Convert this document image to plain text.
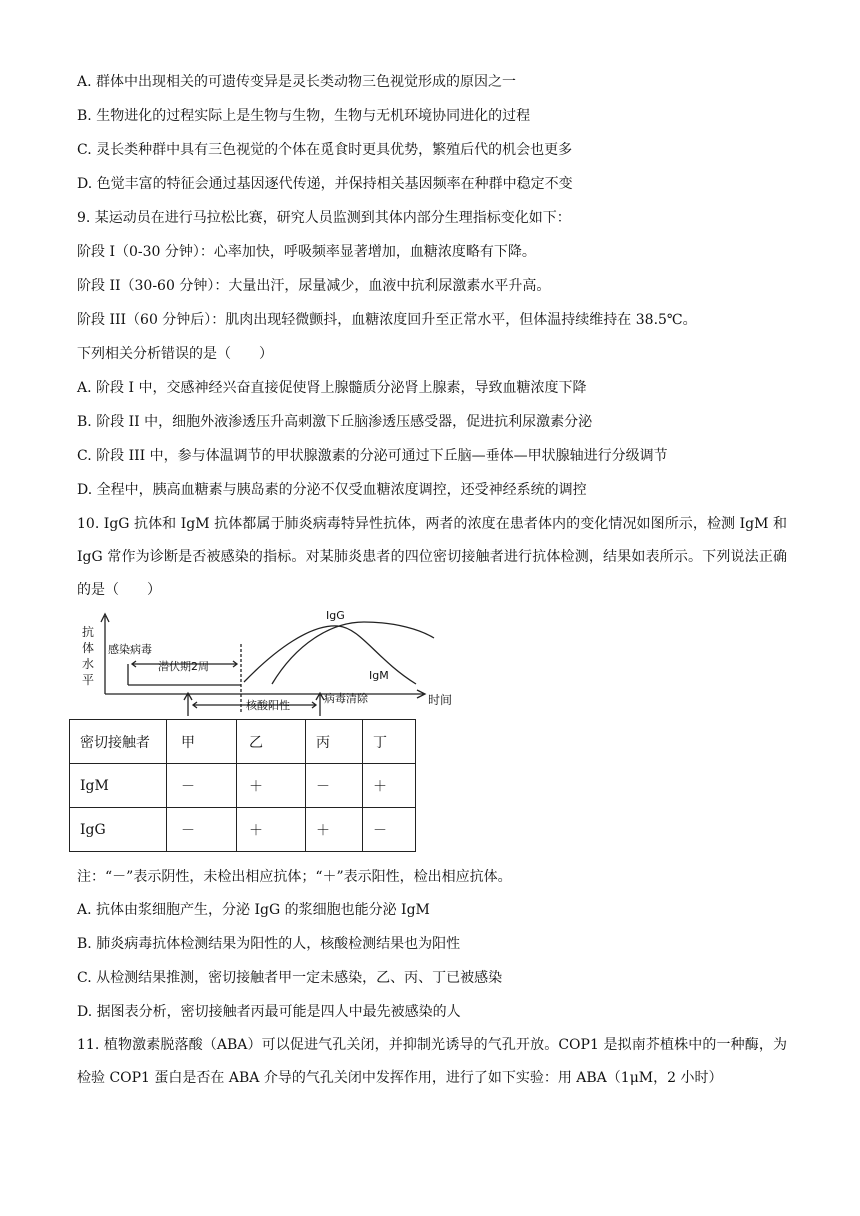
A. 群体中出现相关的可遗传变异是灵长类动物三色视觉形成的原因之一
B. 生物进化的过程实际上是生物与生物，生物与无机环境协同进化的过程
C. 灵长类种群中具有三色视觉的个体在觅食时更具优势，繁殖后代的机会也更多
D. 色觉丰富的特征会通过基因逐代传递，并保持相关基因频率在种群中稳定不变
9. 某运动员在进行马拉松比赛，研究人员监测到其体内部分生理指标变化如下：
阶段 I（0-30 分钟）：心率加快，呼吸频率显著增加，血糖浓度略有下降。
阶段 II（30-60 分钟）：大量出汗，尿量减少，血液中抗利尿激素水平升高。
阶段 III（60 分钟后）：肌肉出现轻微颤抖，血糖浓度回升至正常水平，但体温持续维持在 38.5℃。
下列相关分析错误的是（　　）
A. 阶段 I 中，交感神经兴奋直接促使肾上腺髓质分泌肾上腺素，导致血糖浓度下降
B. 阶段 II 中，细胞外液渗透压升高刺激下丘脑渗透压感受器，促进抗利尿激素分泌
C. 阶段 III 中，参与体温调节的甲状腺激素的分泌可通过下丘脑—垂体—甲状腺轴进行分级调节
D. 全程中，胰高血糖素与胰岛素的分泌不仅受血糖浓度调控，还受神经系统的调控
10. IgG 抗体和 IgM 抗体都属于肺炎病毒特异性抗体，两者的浓度在患者体内的变化情况如图所示，检测 IgM 和 IgG 常作为诊断是否被感染的指标。对某肺炎患者的四位密切接触者进行抗体检测，结果如表所示。下列说法正确的是（　　）
抗
体
水
平
感染病毒
潜伏期2周
核酸阳性
病毒清除
IgG
IgM
时间
密切接触者	甲	乙	丙	丁
IgM	－	＋	－	＋
IgG	－	＋	＋	－
注：“－”表示阴性，未检出相应抗体；“＋”表示阳性，检出相应抗体。
A. 抗体由浆细胞产生，分泌 IgG 的浆细胞也能分泌 IgM
B. 肺炎病毒抗体检测结果为阳性的人，核酸检测结果也为阳性
C. 从检测结果推测，密切接触者甲一定未感染，乙、丙、丁已被感染
D. 据图表分析，密切接触者丙最可能是四人中最先被感染的人
11. 植物激素脱落酸（ABA）可以促进气孔关闭，并抑制光诱导的气孔开放。COP1 是拟南芥植株中的一种酶，为检验 COP1 蛋白是否在 ABA 介导的气孔关闭中发挥作用，进行了如下实验：用 ABA（1μM，2 小时）
